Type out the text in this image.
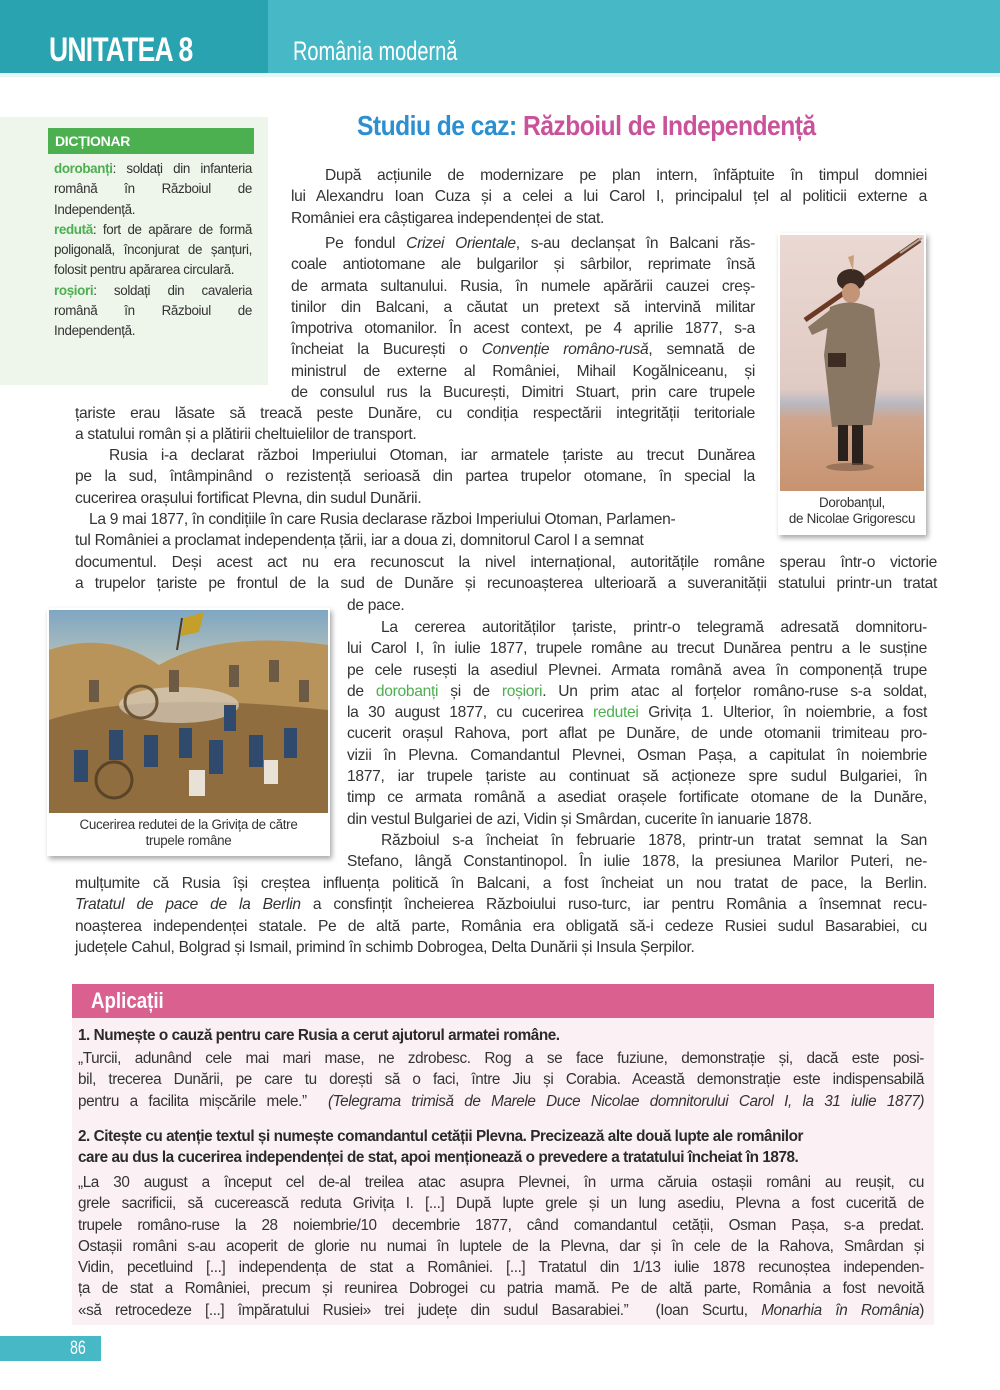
UNITATEA 8	România modernă
DICȚIONAR

dorobanți: soldați din infanteria română în Războiul de Independență.

redută: fort de apărare de formă poligonală, înconjurat de șanțuri, folosit pentru apărarea circulară.

roșiori: soldați din cavaleria română în Războiul de Independență.

Studiu de caz: Războiul de Independență
După acțiunile de modernizare pe plan intern, înfăptuite în timpul domniei
lui Alexandru Ioan Cuza și a celei a lui Carol I, principalul țel al politicii externe a
României era câștigarea independenței de stat.
Pe fondul Crizei Orientale, s-au declanșat în Balcani răs-
coale antiotomane ale bulgarilor și sârbilor, reprimate însă
de armata sultanului. Rusia, în numele apărării cauzei creș-
tinilor din Balcani, a căutat un pretext să intervină militar
împotriva otomanilor. În acest context, pe 4 aprilie 1877, s-a
încheiat la București o Convenție româno-rusă, semnată de
ministrul de externe al României, Mihail Kogălniceanu, și
de consulul rus la București, Dimitri Stuart, prin care trupele
țariste erau lăsate să treacă peste Dunăre, cu condiția respectării integrității teritoriale
a statului român și a plătirii cheltuielilor de transport.
Rusia i-a declarat război Imperiului Otoman, iar armatele țariste au trecut Dunărea
pe la sud, întâmpinând o rezistență serioasă din partea trupelor otomane, în special la
cucerirea orașului fortificat Plevna, din sudul Dunării.
La 9 mai 1877, în condițiile în care Rusia declarase război Imperiului Otoman, Parlamen-
tul României a proclamat independența țării, iar a doua zi, domnitorul Carol I a semnat
documentul. Deși acest act nu era recunoscut la nivel internațional, autoritățile române sperau într-o victorie
a trupelor țariste pe frontul de la sud de Dunăre și recunoașterea ulterioară a suveranității statului printr-un tratat
de pace.
La cererea autorităților țariste, printr-o telegramă adresată domnitoru-
lui Carol I, în iulie 1877, trupele române au trecut Dunărea pentru a le susține
pe cele rusești la asediul Plevnei. Armata română avea în componență trupe
de dorobanți și de roșiori. Un prim atac al forțelor româno-ruse s-a soldat,
la 30 august 1877, cu cucerirea redutei Grivița 1. Ulterior, în noiembrie, a fost
cucerit orașul Rahova, port aflat pe Dunăre, de unde otomanii trimiteau pro-
vizii în Plevna. Comandantul Plevnei, Osman Pașa, a capitulat în noiembrie
1877, iar trupele țariste au continuat să acționeze spre sudul Bulgariei, în
timp ce armata română a asediat orașele fortificate otomane de la Dunăre,
din vestul Bulgariei de azi, Vidin și Smârdan, cucerite în ianuarie 1878.
Războiul s-a încheiat în februarie 1878, printr-un tratat semnat la San
Stefano, lângă Constantinopol. În iulie 1878, la presiunea Marilor Puteri, ne-
mulțumite că Rusia își creștea influența politică în Balcani, a fost încheiat un nou tratat de pace, la Berlin.
Tratatul de pace de la Berlin a consfințit încheierea Războiului ruso-turc, iar pentru România a însemnat recu-
noașterea independenței statale. Pe de altă parte, România era obligată să-i cedeze Rusiei sudul Basarabiei, cu
județele Cahul, Bolgrad și Ismail, primind în schimb Dobrogea, Delta Dunării și Insula Șerpilor.
Dorobanțul,
de Nicolae Grigorescu
Cucerirea redutei de la Grivița de către
trupele române
Aplicații
1. Numește o cauză pentru care Rusia a cerut ajutorul armatei române.
„Turcii, adunând cele mai mari mase, ne zdrobesc. Rog a se face fuziune, demonstrație și, dacă este posi-
bil, trecerea Dunării, pe care tu dorești să o faci, între Jiu și Corabia. Această demonstrație este indispensabilă
pentru a facilita mișcările mele.” (Telegrama trimisă de Marele Duce Nicolae domnitorului Carol I, la 31 iulie 1877)
2. Citește cu atenție textul și numește comandantul cetății Plevna. Precizează alte două lupte ale românilor
care au dus la cucerirea independenței de stat, apoi menționează o prevedere a tratatului încheiat în 1878.
„La 30 august a început cel de-al treilea atac asupra Plevnei, în urma căruia ostașii români au reușit, cu
grele sacrificii, să cucerească reduta Grivița I. [...] După lupte grele și un lung asediu, Plevna a fost cucerită de
trupele româno-ruse la 28 noiembrie/10 decembrie 1877, când comandantul cetății, Osman Pașa, s-a predat.
Ostașii români s-au acoperit de glorie nu numai în luptele de la Plevna, dar și în cele de la Rahova, Smârdan și
Vidin, pecetluind [...] independența de stat a României. [...] Tratatul din 1/13 iulie 1878 recunoștea independen-
ța de stat a României, precum și reunirea Dobrogei cu patria mamă. Pe de altă parte, România a fost nevoită
«să retrocedeze [...] împăratului Rusiei» trei județe din sudul Basarabiei.” (Ioan Scurtu, Monarhia în România)
86
